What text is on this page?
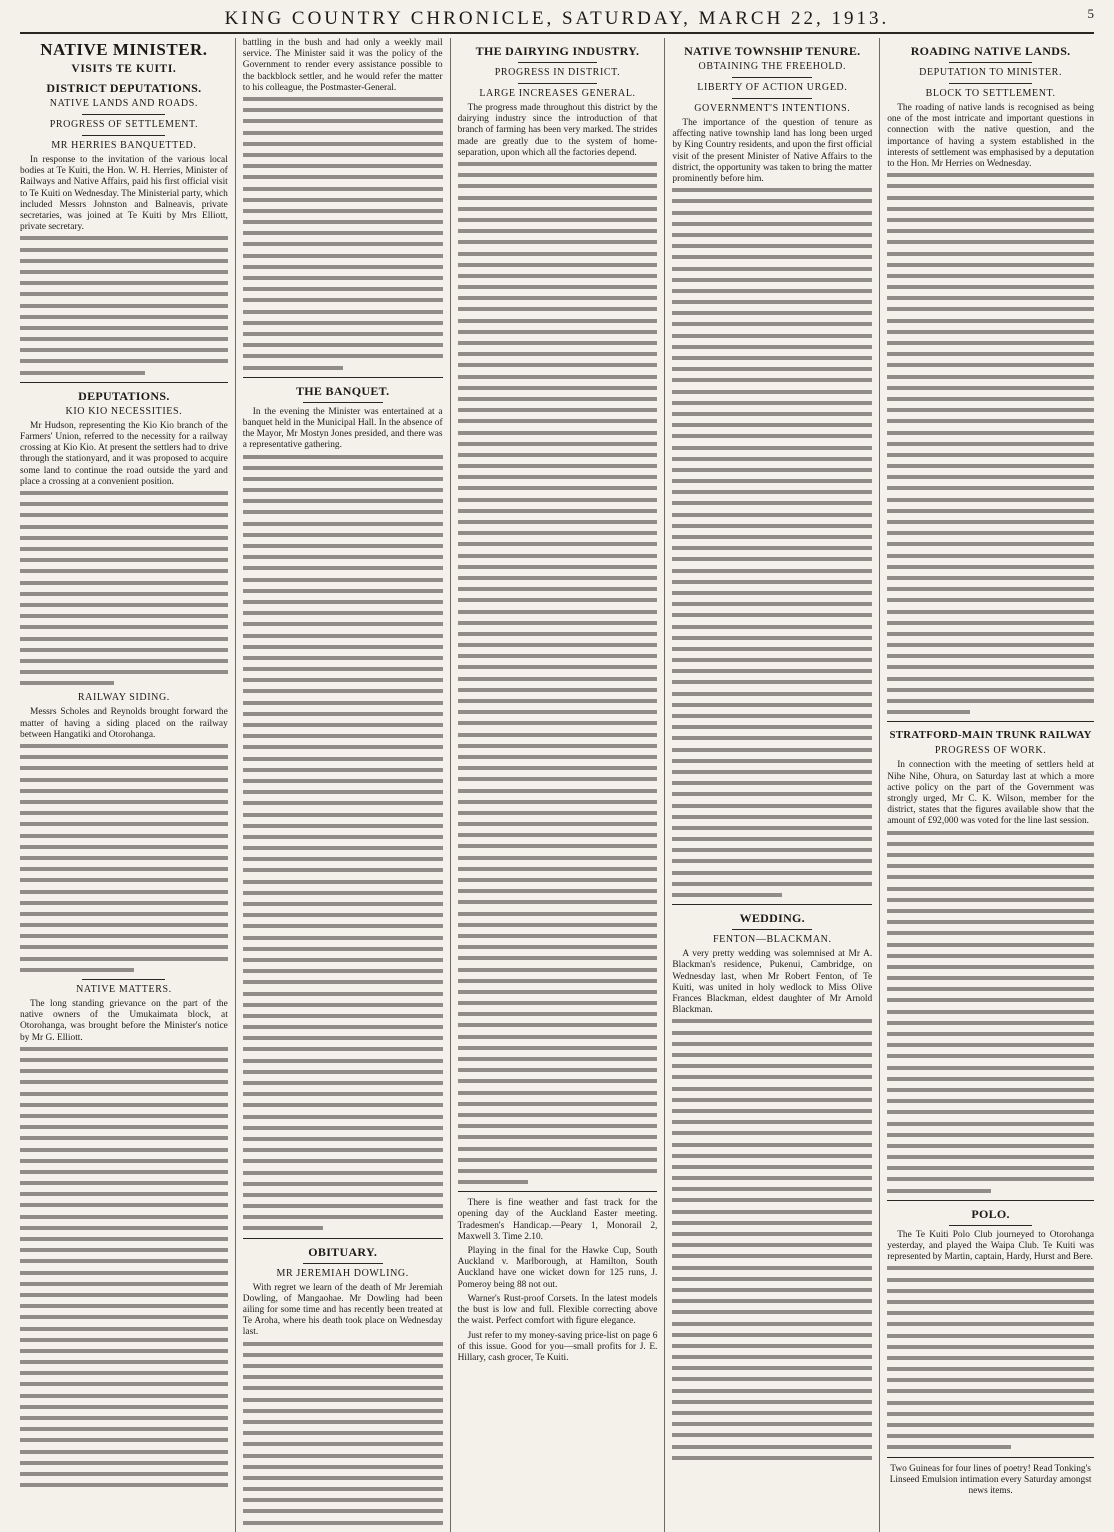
KING COUNTRY CHRONICLE, SATURDAY, MARCH 22, 1913.	5
NATIVE MINISTER.
VISITS TE KUITI.
DISTRICT DEPUTATIONS.
NATIVE LANDS AND ROADS.
PROGRESS OF SETTLEMENT.
MR HERRIES BANQUETTED.

In response to the invitation of the various local bodies at Te Kuiti, the Hon. W. H. Herries, Minister of Railways and Native Affairs, paid his first official visit to Te Kuiti on Wednesday. The Ministerial party, which included Messrs Johnston and Balneavis, private secretaries, was joined at Te Kuiti by Mrs Elliott, private secretary.

DEPUTATIONS.
KIO KIO NECESSITIES.

Mr Hudson, representing the Kio Kio branch of the Farmers' Union, referred to the necessity for a railway crossing at Kio Kio. At present the settlers had to drive through the stationyard, and it was proposed to acquire some land to continue the road outside the yard and place a crossing at a convenient position.

RAILWAY SIDING.

Messrs Scholes and Reynolds brought forward the matter of having a siding placed on the railway between Hangatiki and Otorohanga.

NATIVE MATTERS.

The long standing grievance on the part of the native owners of the Umukaimata block, at Otorohanga, was brought before the Minister's notice by Mr G. Elliott.

battling in the bush and had only a weekly mail service. The Minister said it was the policy of the Government to render every assistance possible to the backblock settler, and he would refer the matter to his colleague, the Postmaster-General.

THE BANQUET.

In the evening the Minister was entertained at a banquet held in the Municipal Hall. In the absence of the Mayor, Mr Mostyn Jones presided, and there was a representative gathering.

OBITUARY.
MR JEREMIAH DOWLING.

With regret we learn of the death of Mr Jeremiah Dowling, of Mangaohae. Mr Dowling had been ailing for some time and has recently been treated at Te Aroha, where his death took place on Wednesday last.

THE DAIRYING INDUSTRY.
PROGRESS IN DISTRICT.
LARGE INCREASES GENERAL.

The progress made throughout this district by the dairying industry since the introduction of that branch of farming has been very marked. The strides made are greatly due to the system of home-separation, upon which all the factories depend.

There is fine weather and fast track for the opening day of the Auckland Easter meeting. Tradesmen's Handicap.—Peary 1, Monorail 2, Maxwell 3. Time 2.10.

Playing in the final for the Hawke Cup, South Auckland v. Marlborough, at Hamilton, South Auckland have one wicket down for 125 runs, J. Pomeroy being 88 not out.

Warner's Rust-proof Corsets. In the latest models the bust is low and full. Flexible correcting above the waist. Perfect comfort with figure elegance.

Just refer to my money-saving price-list on page 6 of this issue. Good for you—small profits for J. E. Hillary, cash grocer, Te Kuiti.

NATIVE TOWNSHIP TENURE.
OBTAINING THE FREEHOLD.
LIBERTY OF ACTION URGED.
GOVERNMENT'S INTENTIONS.

The importance of the question of tenure as affecting native township land has long been urged by King Country residents, and upon the first official visit of the present Minister of Native Affairs to the district, the opportunity was taken to bring the matter prominently before him.

WEDDING.
FENTON—BLACKMAN.

A very pretty wedding was solemnised at Mr A. Blackman's residence, Pukenui, Cambridge, on Wednesday last, when Mr Robert Fenton, of Te Kuiti, was united in holy wedlock to Miss Olive Frances Blackman, eldest daughter of Mr Arnold Blackman.

ROADING NATIVE LANDS.
DEPUTATION TO MINISTER.
BLOCK TO SETTLEMENT.

The roading of native lands is recognised as being one of the most intricate and important questions in connection with the native question, and the importance of having a system established in the interests of settlement was emphasised by a deputation to the Hon. Mr Herries on Wednesday.

STRATFORD-MAIN TRUNK RAILWAY
PROGRESS OF WORK.

In connection with the meeting of settlers held at Nihe Nihe, Ohura, on Saturday last at which a more active policy on the part of the Government was strongly urged, Mr C. K. Wilson, member for the district, states that the figures available show that the amount of £92,000 was voted for the line last session.

POLO.

The Te Kuiti Polo Club journeyed to Otorohanga yesterday, and played the Waipa Club. Te Kuiti was represented by Martin, captain, Hardy, Hurst and Bere.

Two Guineas for four lines of poetry! Read Tonking's Linseed Emulsion intimation every Saturday amongst news items.
